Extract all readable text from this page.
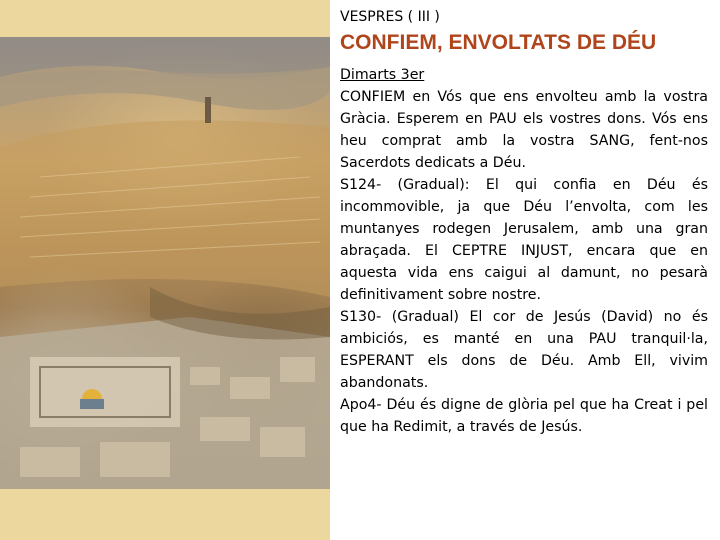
VESPRES ( III )

CONFIEM, ENVOLTATS DE DÉU

Dimarts 3er

CONFIEM en Vós que ens envolteu amb la vostra Gràcia. Esperem en PAU els vostres dons. Vós ens heu comprat amb la vostra SANG, fent-nos Sacerdots dedicats a Déu.

S124- (Gradual): El qui confia en Déu és incommovible, ja que Déu l’envolta, com les muntanyes rodegen Jerusalem, amb una gran abraçada. El CEPTRE INJUST, encara que en aquesta vida ens caigui al damunt, no pesarà definitivament sobre nostre.

S130- (Gradual) El cor de Jesús (David) no és ambiciós, es manté en una PAU tranquil·la, ESPERANT els dons de Déu. Amb Ell, vivim abandonats.

Apo4- Déu és digne de glòria pel que ha Creat i pel que ha Redimit, a través de Jesús.
